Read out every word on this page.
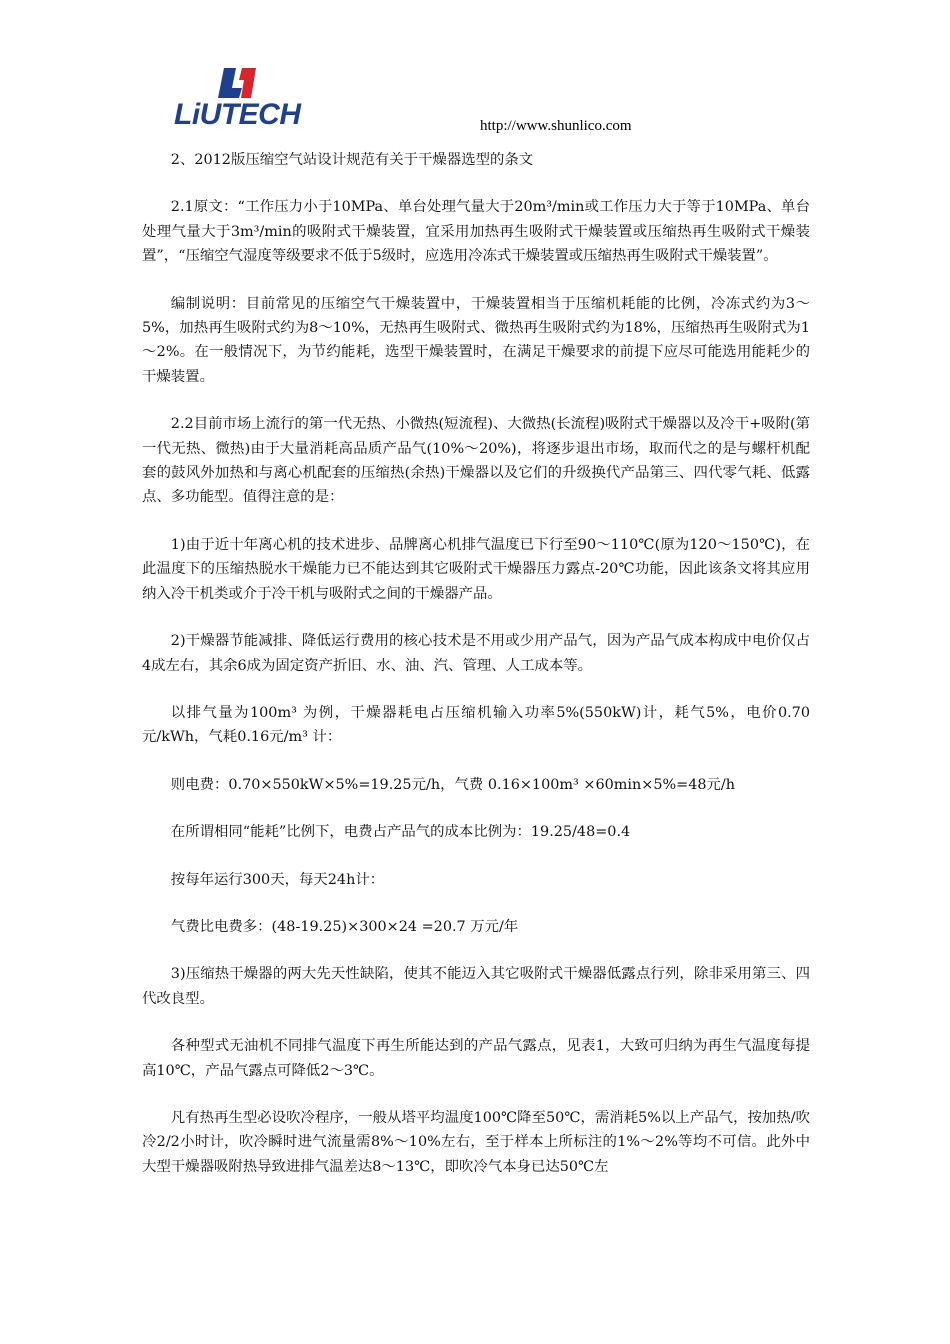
LiUTECH	http://www.shunlico.com

2、2012版压缩空气站设计规范有关于干燥器选型的条文

2.1原文：“工作压力小于10MPa、单台处理气量大于20m³/min或工作压力大于等于10MPa、单台处理气量大于3m³/min的吸附式干燥装置，宜采用加热再生吸附式干燥装置或压缩热再生吸附式干燥装置”，“压缩空气湿度等级要求不低于5级时，应选用冷冻式干燥装置或压缩热再生吸附式干燥装置”。

编制说明：目前常见的压缩空气干燥装置中，干燥装置相当于压缩机耗能的比例，冷冻式约为3～5%，加热再生吸附式约为8～10%，无热再生吸附式、微热再生吸附式约为18%，压缩热再生吸附式为1～2%。在一般情况下，为节约能耗，选型干燥装置时，在满足干燥要求的前提下应尽可能选用能耗少的干燥装置。

2.2目前市场上流行的第一代无热、小微热(短流程)、大微热(长流程)吸附式干燥器以及冷干+吸附(第一代无热、微热)由于大量消耗高品质产品气(10%～20%)，将逐步退出市场，取而代之的是与螺杆机配套的鼓风外加热和与离心机配套的压缩热(余热)干燥器以及它们的升级换代产品第三、四代零气耗、低露点、多功能型。值得注意的是：

1)由于近十年离心机的技术进步、品牌离心机排气温度已下行至90～110℃(原为120～150℃)，在此温度下的压缩热脱水干燥能力已不能达到其它吸附式干燥器压力露点-20℃功能，因此该条文将其应用纳入冷干机类或介于冷干机与吸附式之间的干燥器产品。

2)干燥器节能减排、降低运行费用的核心技术是不用或少用产品气，因为产品气成本构成中电价仅占4成左右，其余6成为固定资产折旧、水、油、汽、管理、人工成本等。

以排气量为100m³ 为例，干燥器耗电占压缩机输入功率5%(550kW)计，耗气5%，电价0.70元/kWh，气耗0.16元/m³ 计：

则电费：0.70×550kW×5%=19.25元/h，气费 0.16×100m³ ×60min×5%=48元/h

在所谓相同“能耗”比例下，电费占产品气的成本比例为：19.25/48=0.4

按每年运行300天，每天24h计：

气费比电费多：(48-19.25)×300×24 =20.7 万元/年

3)压缩热干燥器的两大先天性缺陷，使其不能迈入其它吸附式干燥器低露点行列，除非采用第三、四代改良型。

各种型式无油机不同排气温度下再生所能达到的产品气露点，见表1，大致可归纳为再生气温度每提高10℃，产品气露点可降低2～3℃。

凡有热再生型必设吹冷程序，一般从塔平均温度100℃降至50℃，需消耗5%以上产品气，按加热/吹冷2/2小时计，吹冷瞬时进气流量需8%～10%左右，至于样本上所标注的1%～2%等均不可信。此外中大型干燥器吸附热导致进排气温差达8～13℃，即吹冷气本身已达50℃左
